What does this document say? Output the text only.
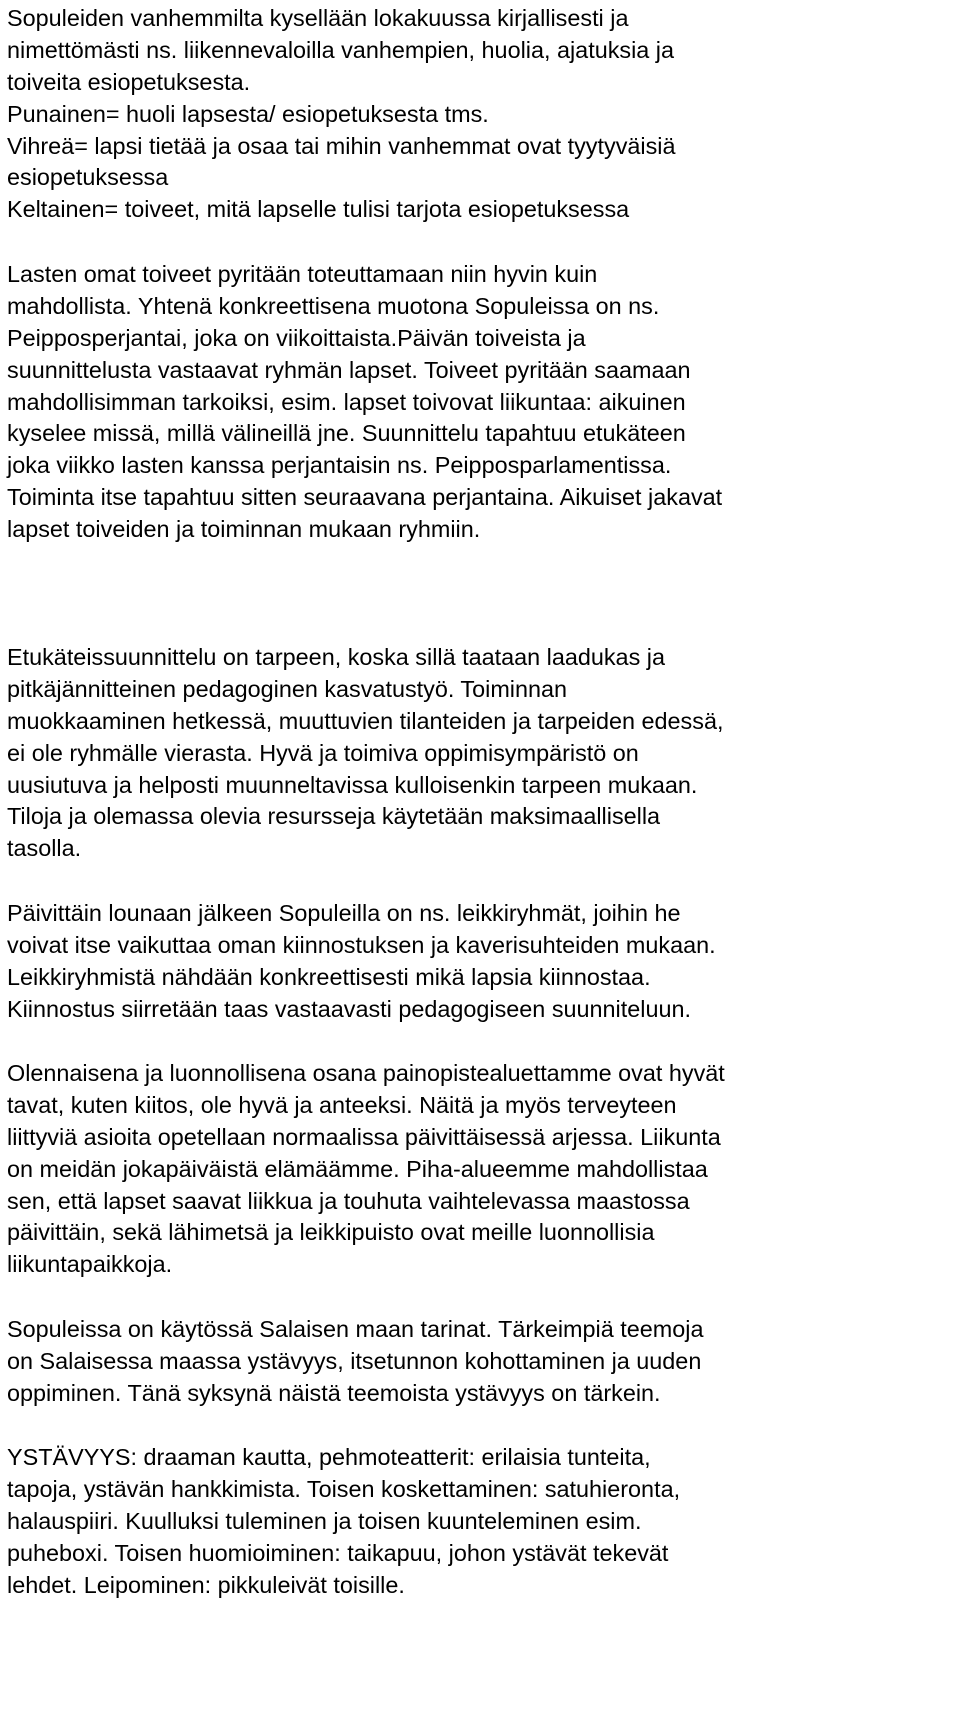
Sopuleiden vanhemmilta kysellään lokakuussa kirjallisesti ja
nimettömästi ns. liikennevaloilla vanhempien, huolia, ajatuksia ja
toiveita esiopetuksesta.
Punainen= huoli lapsesta/ esiopetuksesta tms.
Vihreä= lapsi tietää ja osaa tai mihin vanhemmat ovat tyytyväisiä
esiopetuksessa
Keltainen= toiveet, mitä lapselle tulisi tarjota esiopetuksessa
Lasten omat toiveet pyritään toteuttamaan niin hyvin kuin
mahdollista. Yhtenä konkreettisena muotona Sopuleissa on ns.
Peipposperjantai, joka on viikoittaista.Päivän toiveista ja
suunnittelusta vastaavat ryhmän lapset. Toiveet pyritään saamaan
mahdollisimman tarkoiksi, esim. lapset toivovat liikuntaa: aikuinen
kyselee missä, millä välineillä jne. Suunnittelu tapahtuu etukäteen
joka viikko lasten kanssa perjantaisin ns. Peipposparlamentissa.
Toiminta itse tapahtuu sitten seuraavana perjantaina. Aikuiset jakavat
lapset toiveiden ja toiminnan mukaan ryhmiin.
Etukäteissuunnittelu on tarpeen, koska sillä taataan laadukas ja
pitkäjännitteinen pedagoginen kasvatustyö. Toiminnan
muokkaaminen hetkessä, muuttuvien tilanteiden ja tarpeiden edessä,
ei ole ryhmälle vierasta. Hyvä ja toimiva oppimisympäristö on
uusiutuva ja helposti muunneltavissa kulloisenkin tarpeen mukaan.
Tiloja ja olemassa olevia resursseja käytetään maksimaallisella
tasolla.
Päivittäin lounaan jälkeen Sopuleilla on ns. leikkiryhmät, joihin he
voivat itse vaikuttaa oman kiinnostuksen ja kaverisuhteiden mukaan.
Leikkiryhmistä nähdään konkreettisesti mikä lapsia kiinnostaa.
Kiinnostus siirretään taas vastaavasti pedagogiseen suunniteluun.
Olennaisena ja luonnollisena osana painopistealuettamme ovat hyvät
tavat, kuten kiitos, ole hyvä ja anteeksi. Näitä ja myös terveyteen
liittyviä asioita opetellaan normaalissa päivittäisessä arjessa. Liikunta
on meidän jokapäiväistä elämäämme. Piha-alueemme mahdollistaa
sen, että lapset saavat liikkua ja touhuta vaihtelevassa maastossa
päivittäin, sekä lähimetsä ja leikkipuisto ovat meille luonnollisia
liikuntapaikkoja.
Sopuleissa on käytössä Salaisen maan tarinat. Tärkeimpiä teemoja
on Salaisessa maassa ystävyys, itsetunnon kohottaminen ja uuden
oppiminen. Tänä syksynä näistä teemoista ystävyys on tärkein.
YSTÄVYYS: draaman kautta, pehmoteatterit: erilaisia tunteita,
tapoja, ystävän hankkimista. Toisen koskettaminen: satuhieronta,
halauspiiri. Kuulluksi tuleminen ja toisen kuunteleminen esim.
puheboxi. Toisen huomioiminen: taikapuu, johon ystävät tekevät
lehdet. Leipominen: pikkuleivät toisille.
